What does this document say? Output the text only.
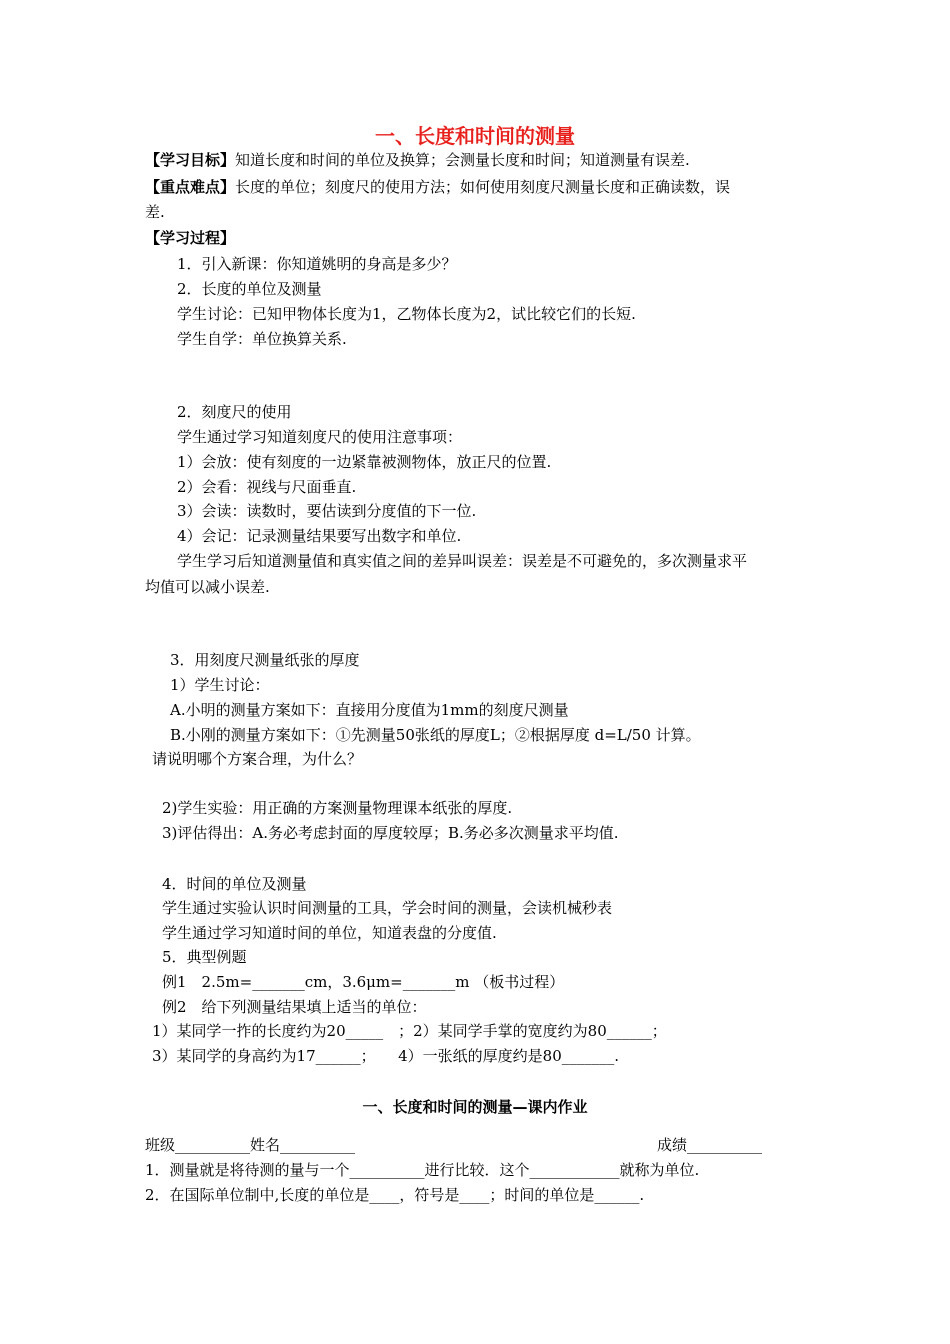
一、长度和时间的测量
【学习目标】知道长度和时间的单位及换算；会测量长度和时间；知道测量有误差.
【重点难点】长度的单位；刻度尺的使用方法；如何使用刻度尺测量长度和正确读数，误
差.
【学习过程】
1．引入新课：你知道姚明的身高是多少？
2．长度的单位及测量
学生讨论：已知甲物体长度为1，乙物体长度为2，试比较它们的长短.
学生自学：单位换算关系.
2．刻度尺的使用
学生通过学习知道刻度尺的使用注意事项：
1）会放：使有刻度的一边紧靠被测物体，放正尺的位置.
2）会看：视线与尺面垂直.
3）会读：读数时，要估读到分度值的下一位.
4）会记：记录测量结果要写出数字和单位.
学生学习后知道测量值和真实值之间的差异叫误差：误差是不可避免的，多次测量求平
均值可以减小误差.
3．用刻度尺测量纸张的厚度
1）学生讨论：
A.小明的测量方案如下：直接用分度值为1mm的刻度尺测量
B.小刚的测量方案如下：①先测量50张纸的厚度L；②根据厚度 d=L/50 计算。
请说明哪个方案合理，为什么？
2)学生实验：用正确的方案测量物理课本纸张的厚度.
3)评估得出：A.务必考虑封面的厚度较厚；B.务必多次测量求平均值.
4．时间的单位及测量
学生通过实验认识时间测量的工具，学会时间的测量，会读机械秒表
学生通过学习知道时间的单位，知道表盘的分度值.
5．典型例题
例1　2.5m=_______cm，3.6μm=_______m （板书过程）
例2　给下列测量结果填上适当的单位：
1）某同学一拃的长度约为20_____　；2）某同学手掌的宽度约为80______；
3）某同学的身高约为17______；　　4）一张纸的厚度约是80_______.
一、长度和时间的测量—课内作业
班级__________姓名__________	成绩__________
1．测量就是将待测的量与一个__________进行比较．这个____________就称为单位.
2．在国际单位制中,长度的单位是____，符号是____；时间的单位是______.
